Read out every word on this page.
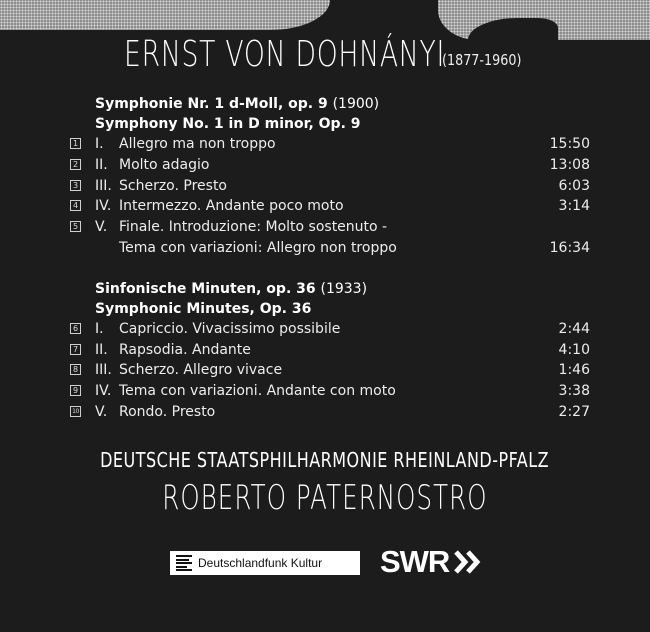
ERNST VON DOHNÁNYI
(1877-1960)
Symphonie Nr. 1 d-Moll, op. 9 (1900)
Symphony No. 1 in D minor, Op. 9
1 I.	Allegro ma non troppo	15:50
2 II. Molto adagio	13:08
3 III. Scherzo. Presto	6:03
4 IV. Intermezzo. Andante poco moto	3:14
5 V. Finale. Introduzione: Molto sostenuto -
Tema con variazioni: Allegro non troppo	16:34
Sinfonische Minuten, op. 36 (1933)
Symphonic Minutes, Op. 36
6 I.	Capriccio. Vivacissimo possibile	2:44
7 II. Rapsodia. Andante	4:10
8 III. Scherzo. Allegro vivace	1:46
9 IV. Tema con variazioni. Andante con moto	3:38
10 V. Rondo. Presto	2:27
DEUTSCHE STAATSPHILHARMONIE RHEINLAND-PFALZ
ROBERTO PATERNOSTRO
Deutschlandfunk Kultur SWR
